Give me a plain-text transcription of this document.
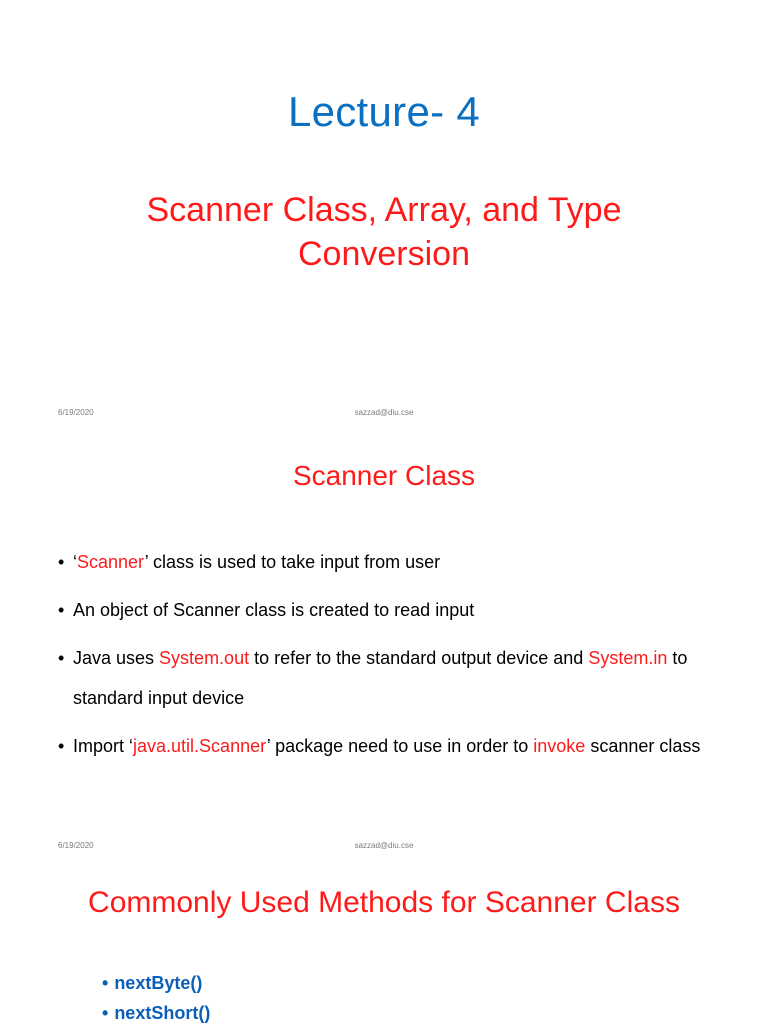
Lecture- 4
Scanner Class, Array, and Type Conversion
6/19/2020	sazzad@diu.cse
Scanner Class
• ‘Scanner’ class is used to take input from user
• An object of Scanner class is created to read input
• Java uses System.out to refer to the standard output device and System.in to standard input device
• Import ‘java.util.Scanner’ package need to use in order to invoke scanner class
6/19/2020	sazzad@diu.cse
Commonly Used Methods for Scanner Class
• nextByte()
• nextShort()
